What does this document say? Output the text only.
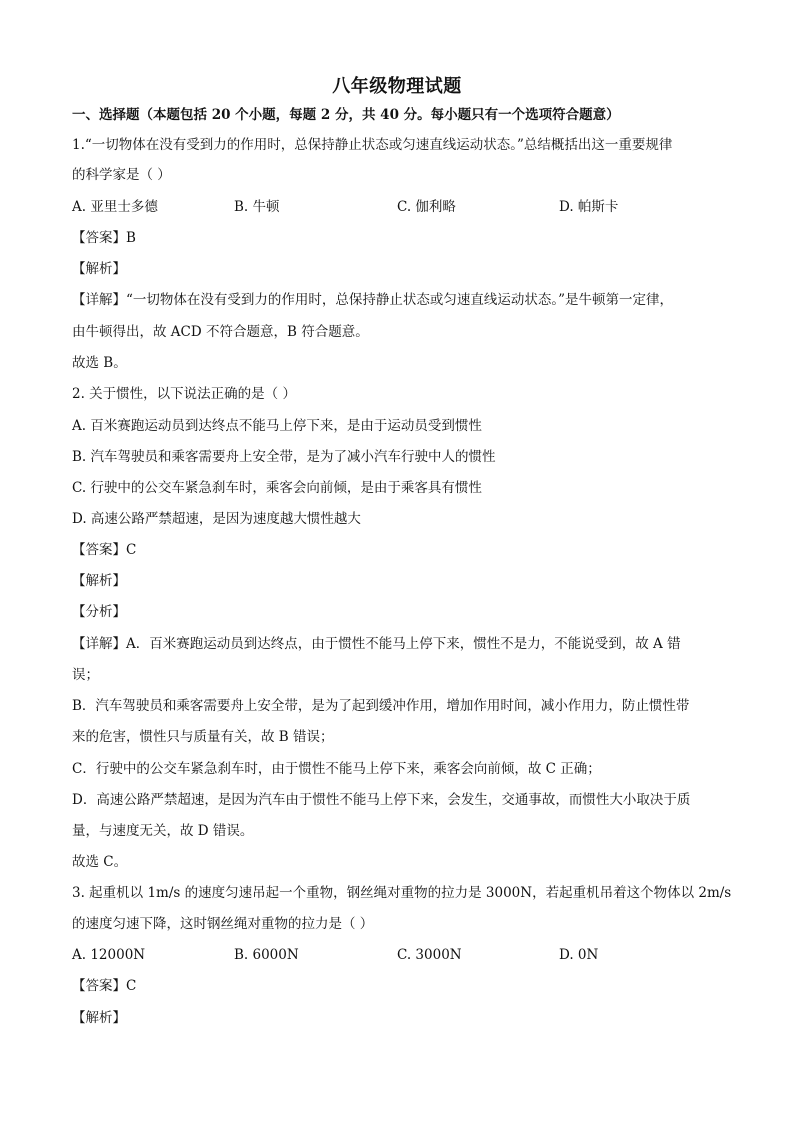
八年级物理试题
一、选择题（本题包括 20 个小题，每题 2 分，共 40 分。每小题只有一个选项符合题意）
1.“一切物体在没有受到力的作用时，总保持静止状态或匀速直线运动状态。”总结概括出这一重要规律
的科学家是（ ）
A. 亚里士多德	B. 牛顿	C. 伽利略	D. 帕斯卡
【答案】B
【解析】
【详解】“一切物体在没有受到力的作用时，总保持静止状态或匀速直线运动状态。”是牛顿第一定律，
由牛顿得出，故 ACD 不符合题意，B 符合题意。
故选 B。
2. 关于惯性，以下说法正确的是（ ）
A. 百米赛跑运动员到达终点不能马上停下来，是由于运动员受到惯性
B. 汽车驾驶员和乘客需要舟上安全带，是为了减小汽车行驶中人的惯性
C. 行驶中的公交车紧急刹车时，乘客会向前倾，是由于乘客具有惯性
D. 高速公路严禁超速，是因为速度越大惯性越大
【答案】C
【解析】
【分析】
【详解】A．百米赛跑运动员到达终点，由于惯性不能马上停下来，惯性不是力，不能说受到，故 A 错
误；
B．汽车驾驶员和乘客需要舟上安全带，是为了起到缓冲作用，增加作用时间，减小作用力，防止惯性带
来的危害，惯性只与质量有关，故 B 错误；
C．行驶中的公交车紧急刹车时，由于惯性不能马上停下来，乘客会向前倾，故 C 正确；
D．高速公路严禁超速，是因为汽车由于惯性不能马上停下来，会发生，交通事故，而惯性大小取决于质
量，与速度无关，故 D 错误。
故选 C。
3. 起重机以 1m/s 的速度匀速吊起一个重物，钢丝绳对重物的拉力是 3000N，若起重机吊着这个物体以 2m/s
的速度匀速下降，这时钢丝绳对重物的拉力是（ ）
A. 12000N	B. 6000N	C. 3000N	D. 0N
【答案】C
【解析】
